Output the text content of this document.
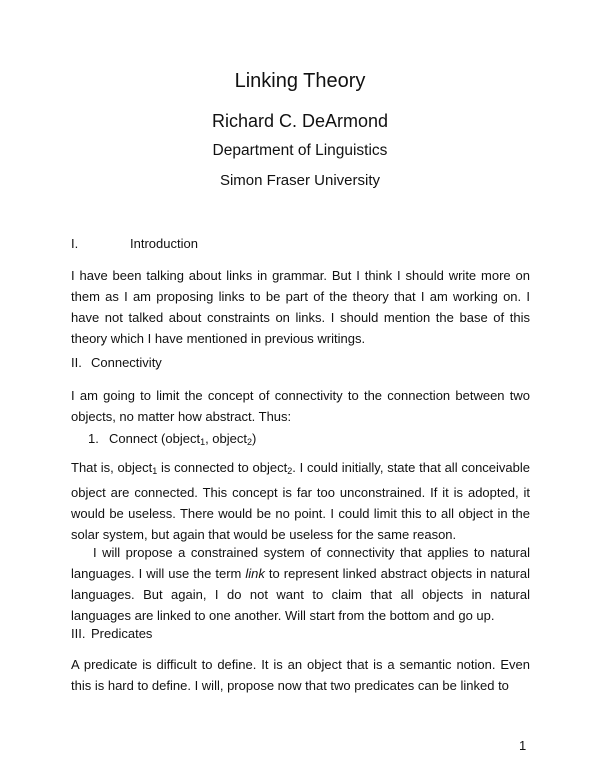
Linking Theory
Richard C. DeArmond
Department of Linguistics
Simon Fraser University
I.	Introduction

I have been talking about links in grammar. But I think I should write more on them as I am proposing links to be part of the theory that I am working on. I have not talked about constraints on links. I should mention the base of this theory which I have mentioned in previous writings.

II. Connectivity

I am going to limit the concept of connectivity to the connection between two objects, no matter how abstract. Thus:

1. Connect (object$_1$, object$_2$)

That is, object$_1$ is connected to object$_2$. I could initially, state that all conceivable object are connected. This concept is far too unconstrained. If it is adopted, it would be useless. There would be no point. I could limit this to all object in the solar system, but again that would be useless for the same reason.

I will propose a constrained system of connectivity that applies to natural languages. I will use the term link to represent linked abstract objects in natural languages. But again, I do not want to claim that all objects in natural languages are linked to one another. Will start from the bottom and go up.

III. Predicates

A predicate is difficult to define. It is an object that is a semantic notion. Even this is hard to define. I will, propose now that two predicates can be linked to

1
